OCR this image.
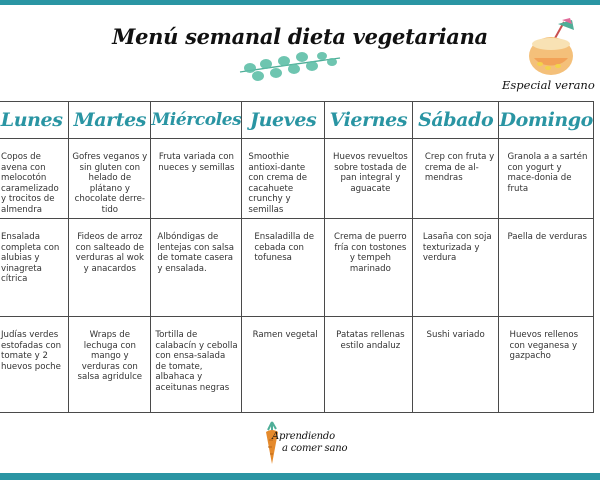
Menú semanal dieta vegetariana
Especial verano
Lunes	Martes	Miércoles	Jueves	Viernes	Sábado	Domingo
Copos de avena con melocotón caramelizado y trocitos de almendra	Gofres veganos y sin gluten con helado de plátano y chocolate derre-tido	Fruta variada con nueces y semillas	Smoothie antioxi-dante con crema de cacahuete crunchy y semillas	Huevos revueltos sobre tostada de pan integral y aguacate	Crep con fruta y crema de al-mendras	Granola a a sartén con yogurt y mace-donia de fruta
Ensalada completa con alubias y vinagreta cítrica	Fideos de arroz con salteado de verduras al wok y anacardos	Albóndigas de lentejas con salsa de tomate casera y ensalada.	Ensaladilla de cebada con tofunesa	Crema de puerro fría con tostones y tempeh marinado	Lasaña con soja texturizada y verdura	Paella de verduras
Judías verdes estofadas con tomate y 2 huevos poche	Wraps de lechuga con mango y verduras con salsa agridulce	Tortilla de calabacín y cebolla con ensa-salada de tomate, albahaca y aceitunas negras	Ramen vegetal	Patatas rellenas estilo andaluz	Sushi variado	Huevos rellenos con veganesa y gazpacho
Aprendiendo
a comer sano
